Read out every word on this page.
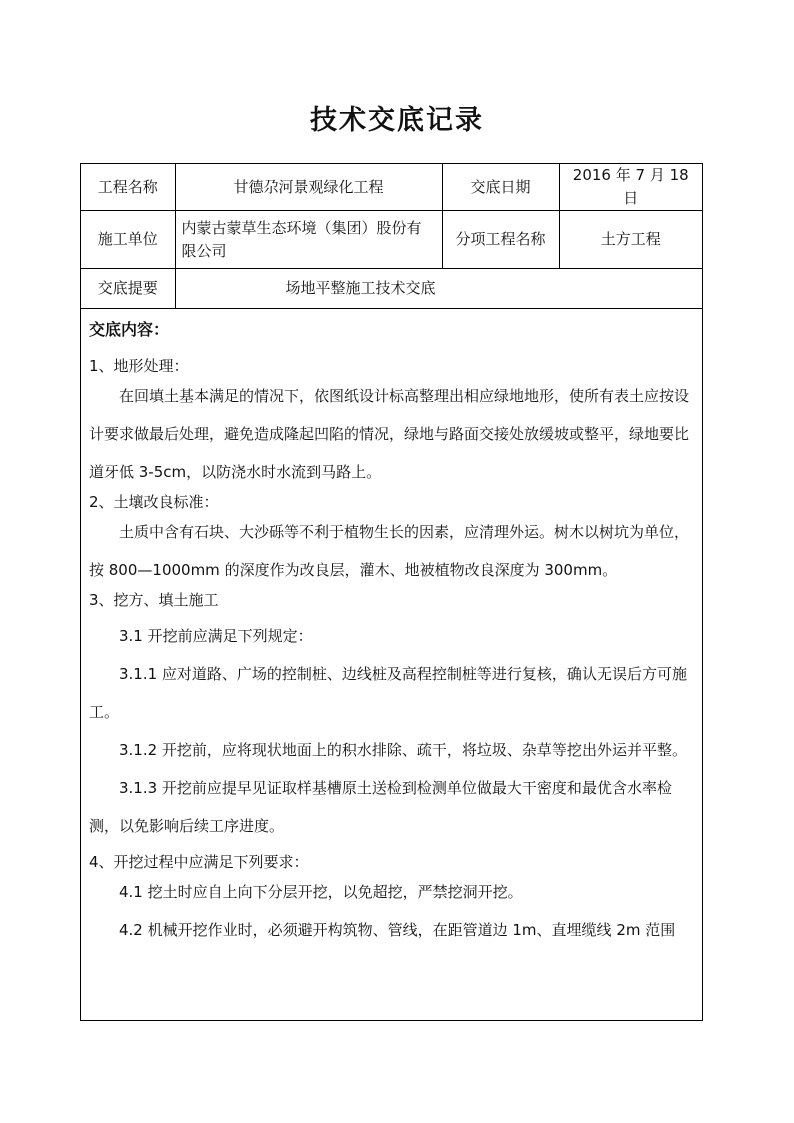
技术交底记录
工程名称	甘德尕河景观绿化工程	交底日期	2016 年 7 月 18 日
施工单位	内蒙古蒙草生态环境（集团）股份有限公司	分项工程名称	土方工程
交底提要	场地平整施工技术交底		

交底内容：

1、地形处理：

在回填土基本满足的情况下，依图纸设计标高整理出相应绿地地形，使所有表土应按设计要求做最后处理，避免造成隆起凹陷的情况，绿地与路面交接处放缓坡或整平，绿地要比道牙低 3-5cm，以防浇水时水流到马路上。

2、土壤改良标准：

土质中含有石块、大沙砾等不利于植物生长的因素，应清理外运。树木以树坑为单位，按 800—1000mm 的深度作为改良层，灌木、地被植物改良深度为 300mm。

3、挖方、填土施工

3.1 开挖前应满足下列规定：

3.1.1 应对道路、广场的控制桩、边线桩及高程控制桩等进行复核，确认无误后方可施工。

3.1.2 开挖前，应将现状地面上的积水排除、疏干，将垃圾、杂草等挖出外运并平整。

3.1.3 开挖前应提早见证取样基槽原土送检到检测单位做最大干密度和最优含水率检测，以免影响后续工序进度。

4、开挖过程中应满足下列要求：

4.1 挖土时应自上向下分层开挖，以免超挖，严禁挖洞开挖。

4.2 机械开挖作业时，必须避开构筑物、管线，在距管道边 1m、直埋缆线 2m 范围
